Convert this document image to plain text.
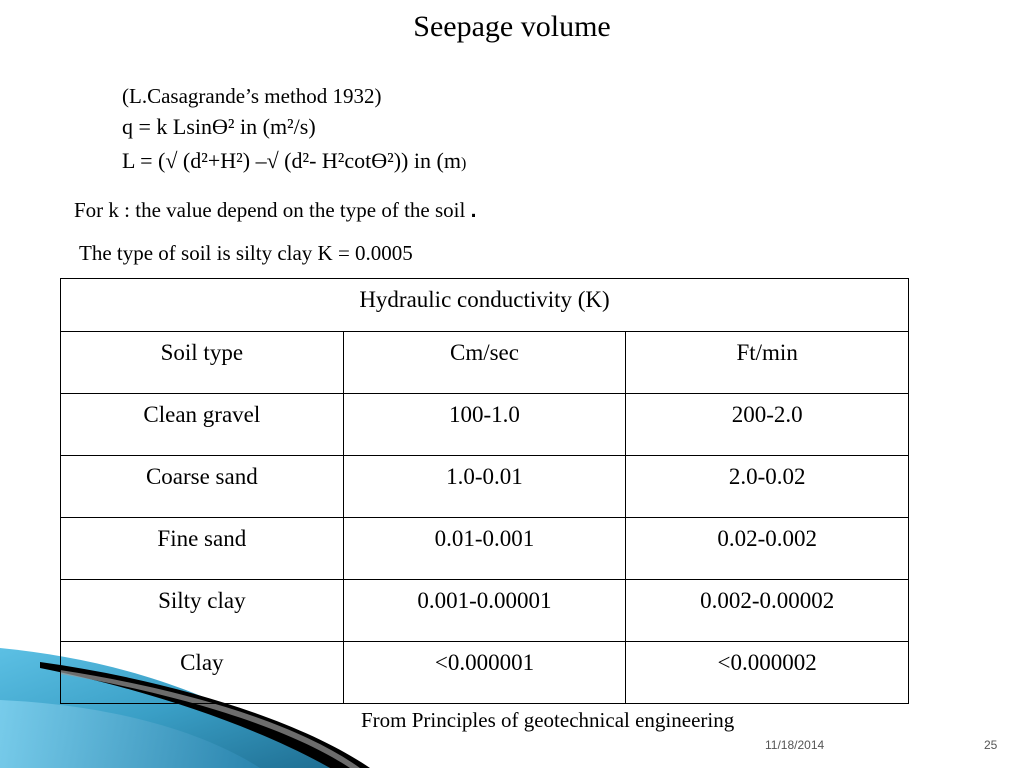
Seepage volume
(L.Casagrande’s method 1932)
q = k Lsinϴ² in (m²/s)
L = (√ (d²+H²) –√ (d²- H²cotϴ²)) in (m)
For k : the value depend on the type of the soil .
The type of soil is silty clay K = 0.0005
Hydraulic conductivity (K)		
Soil type	Cm/sec	Ft/min
Clean gravel	100-1.0	200-2.0
Coarse sand	1.0-0.01	2.0-0.02
Fine sand	0.01-0.001	0.02-0.002
Silty clay	0.001-0.00001	0.002-0.00002
Clay	<0.000001	<0.000002
From Principles of geotechnical engineering
11/18/2014	25
